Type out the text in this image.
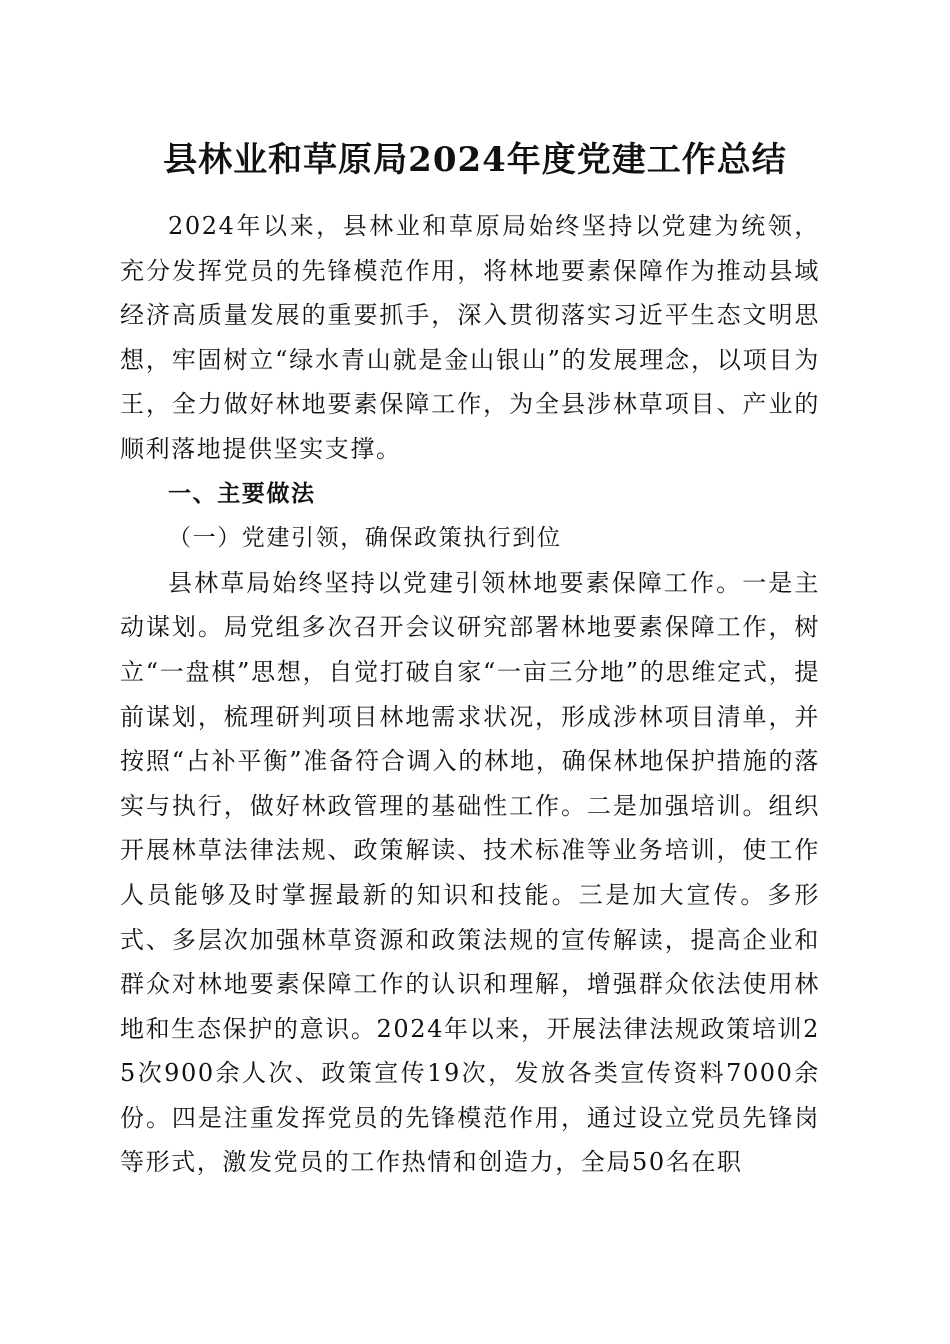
县林业和草原局2024年度党建工作总结

2024年以来，县林业和草原局始终坚持以党建为统领，充分发挥党员的先锋模范作用，将林地要素保障作为推动县域经济高质量发展的重要抓手，深入贯彻落实习近平生态文明思想，牢固树立“绿水青山就是金山银山”的发展理念，以项目为王，全力做好林地要素保障工作，为全县涉林草项目、产业的顺利落地提供坚实支撑。

一、主要做法

（一）党建引领，确保政策执行到位

县林草局始终坚持以党建引领林地要素保障工作。一是主动谋划。局党组多次召开会议研究部署林地要素保障工作，树立“一盘棋”思想，自觉打破自家“一亩三分地”的思维定式，提前谋划，梳理研判项目林地需求状况，形成涉林项目清单，并按照“占补平衡”准备符合调入的林地，确保林地保护措施的落实与执行，做好林政管理的基础性工作。二是加强培训。组织开展林草法律法规、政策解读、技术标准等业务培训，使工作人员能够及时掌握最新的知识和技能。三是加大宣传。多形式、多层次加强林草资源和政策法规的宣传解读，提高企业和群众对林地要素保障工作的认识和理解，增强群众依法使用林地和生态保护的意识。2024年以来，开展法律法规政策培训25次900余人次、政策宣传19次，发放各类宣传资料7000余份。四是注重发挥党员的先锋模范作用，通过设立党员先锋岗等形式，激发党员的工作热情和创造力，全局50名在职
